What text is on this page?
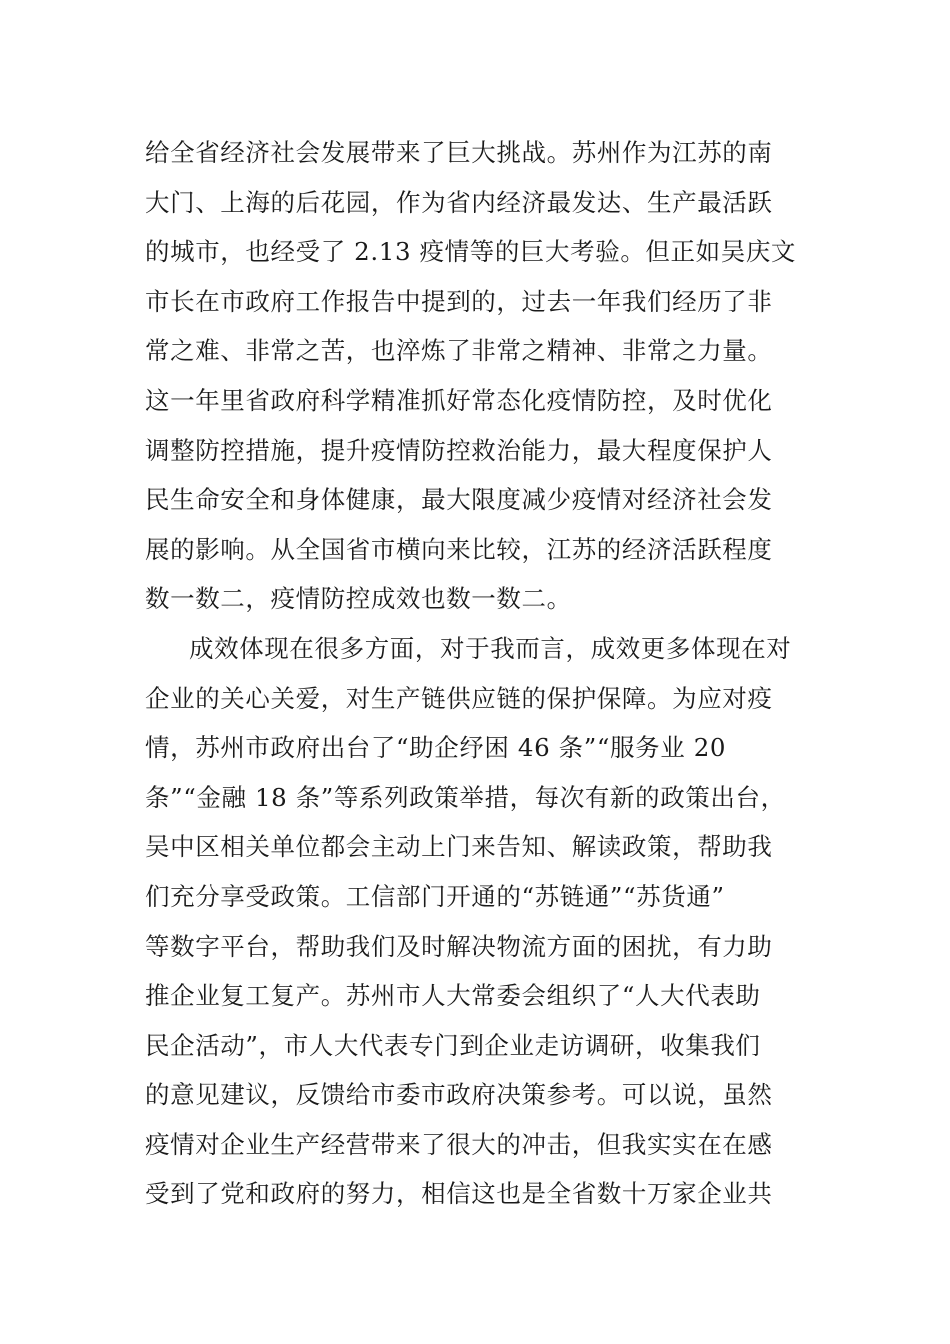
给全省经济社会发展带来了巨大挑战。苏州作为江苏的南
大门、上海的后花园，作为省内经济最发达、生产最活跃
的城市，也经受了 2.13 疫情等的巨大考验。但正如吴庆文
市长在市政府工作报告中提到的，过去一年我们经历了非
常之难、非常之苦，也淬炼了非常之精神、非常之力量。
这一年里省政府科学精准抓好常态化疫情防控，及时优化
调整防控措施，提升疫情防控救治能力，最大程度保护人
民生命安全和身体健康，最大限度减少疫情对经济社会发
展的影响。从全国省市横向来比较，江苏的经济活跃程度
数一数二，疫情防控成效也数一数二。
成效体现在很多方面，对于我而言，成效更多体现在对
企业的关心关爱，对生产链供应链的保护保障。为应对疫
情，苏州市政府出台了“助企纾困 46 条”“服务业 20
条”“金融 18 条”等系列政策举措，每次有新的政策出台，
吴中区相关单位都会主动上门来告知、解读政策，帮助我
们充分享受政策。工信部门开通的“苏链通”“苏货通”
等数字平台，帮助我们及时解决物流方面的困扰，有力助
推企业复工复产。苏州市人大常委会组织了“人大代表助
民企活动”，市人大代表专门到企业走访调研，收集我们
的意见建议，反馈给市委市政府决策参考。可以说，虽然
疫情对企业生产经营带来了很大的冲击，但我实实在在感
受到了党和政府的努力，相信这也是全省数十万家企业共
